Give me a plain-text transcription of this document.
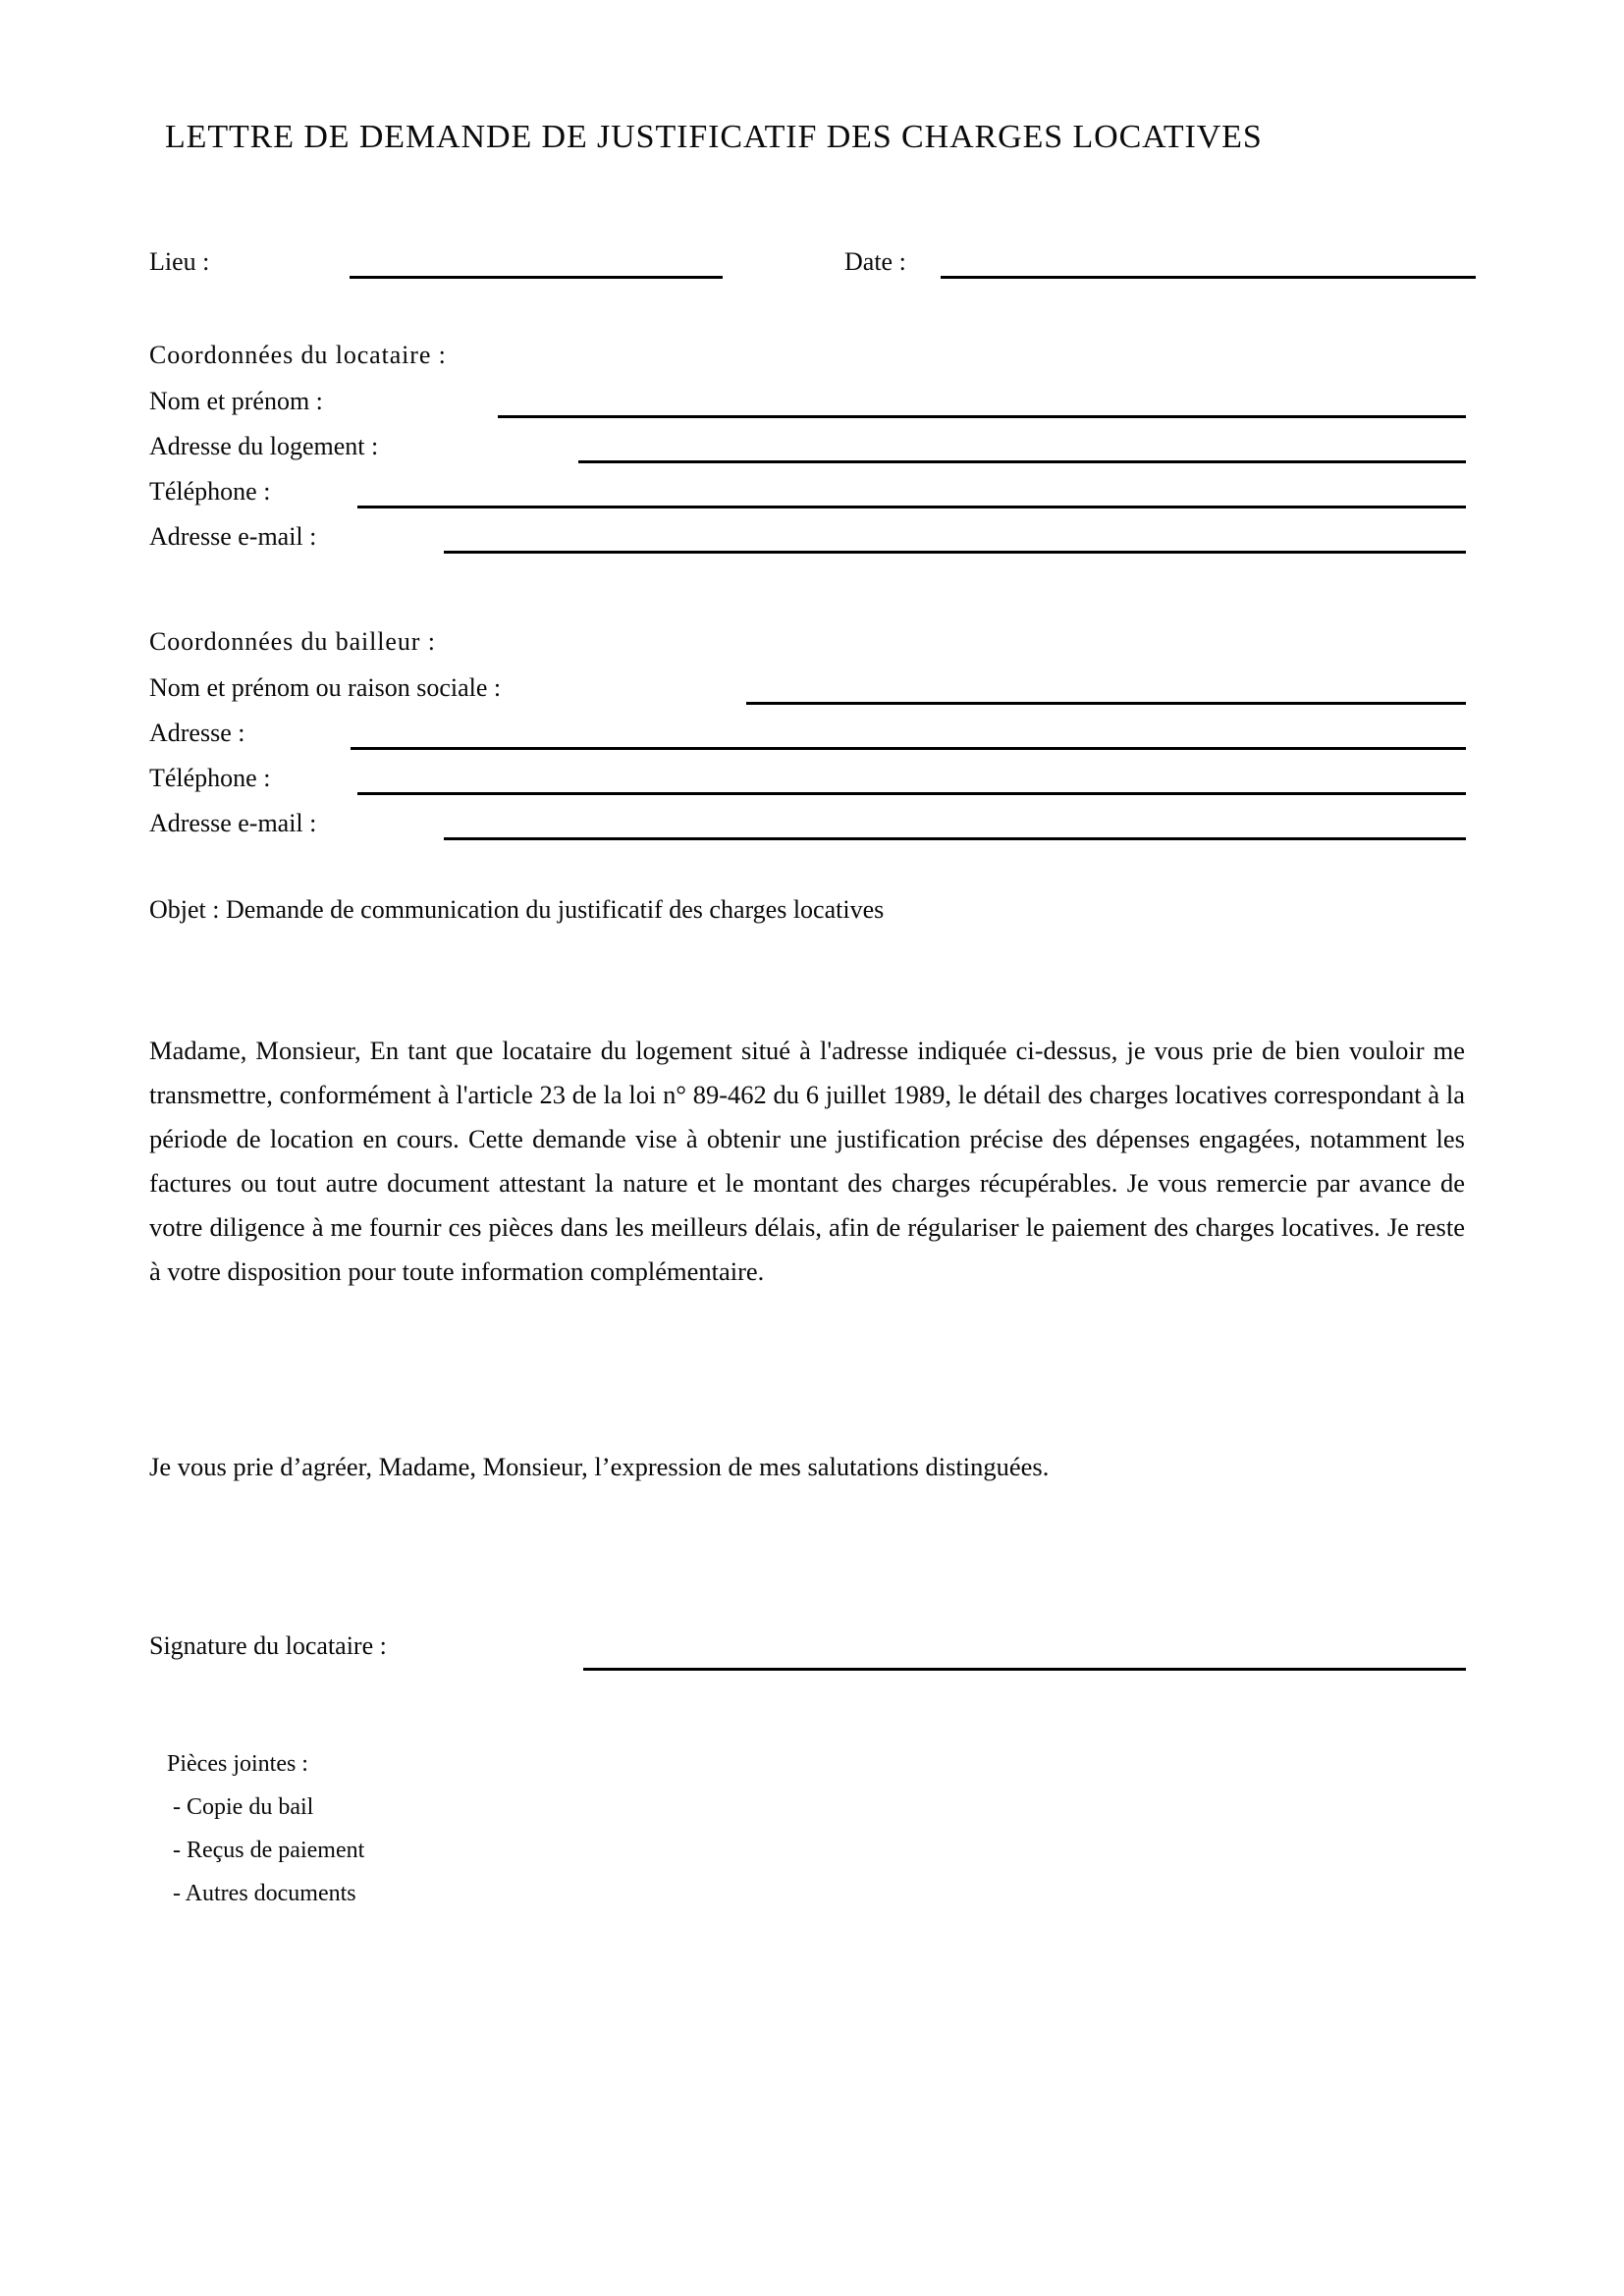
LETTRE DE DEMANDE DE JUSTIFICATIF DES CHARGES LOCATIVES
Lieu :	Date :
Coordonnées du locataire :
Nom et prénom :
Adresse du logement :
Téléphone :
Adresse e-mail :
Coordonnées du bailleur :
Nom et prénom ou raison sociale :
Adresse :
Téléphone :
Adresse e-mail :
Objet : Demande de communication du justificatif des charges locatives
Madame, Monsieur, En tant que locataire du logement situé à l'adresse indiquée ci-dessus, je vous prie de bien vouloir me transmettre, conformément à l'article 23 de la loi n° 89-462 du 6 juillet 1989, le détail des charges locatives correspondant à la période de location en cours. Cette demande vise à obtenir une justification précise des dépenses engagées, notamment les factures ou tout autre document attestant la nature et le montant des charges récupérables. Je vous remercie par avance de votre diligence à me fournir ces pièces dans les meilleurs délais, afin de régulariser le paiement des charges locatives. Je reste à votre disposition pour toute information complémentaire.
Je vous prie d’agréer, Madame, Monsieur, l’expression de mes salutations distinguées.
Signature du locataire :
Pièces jointes :
- Copie du bail
- Reçus de paiement
- Autres documents
